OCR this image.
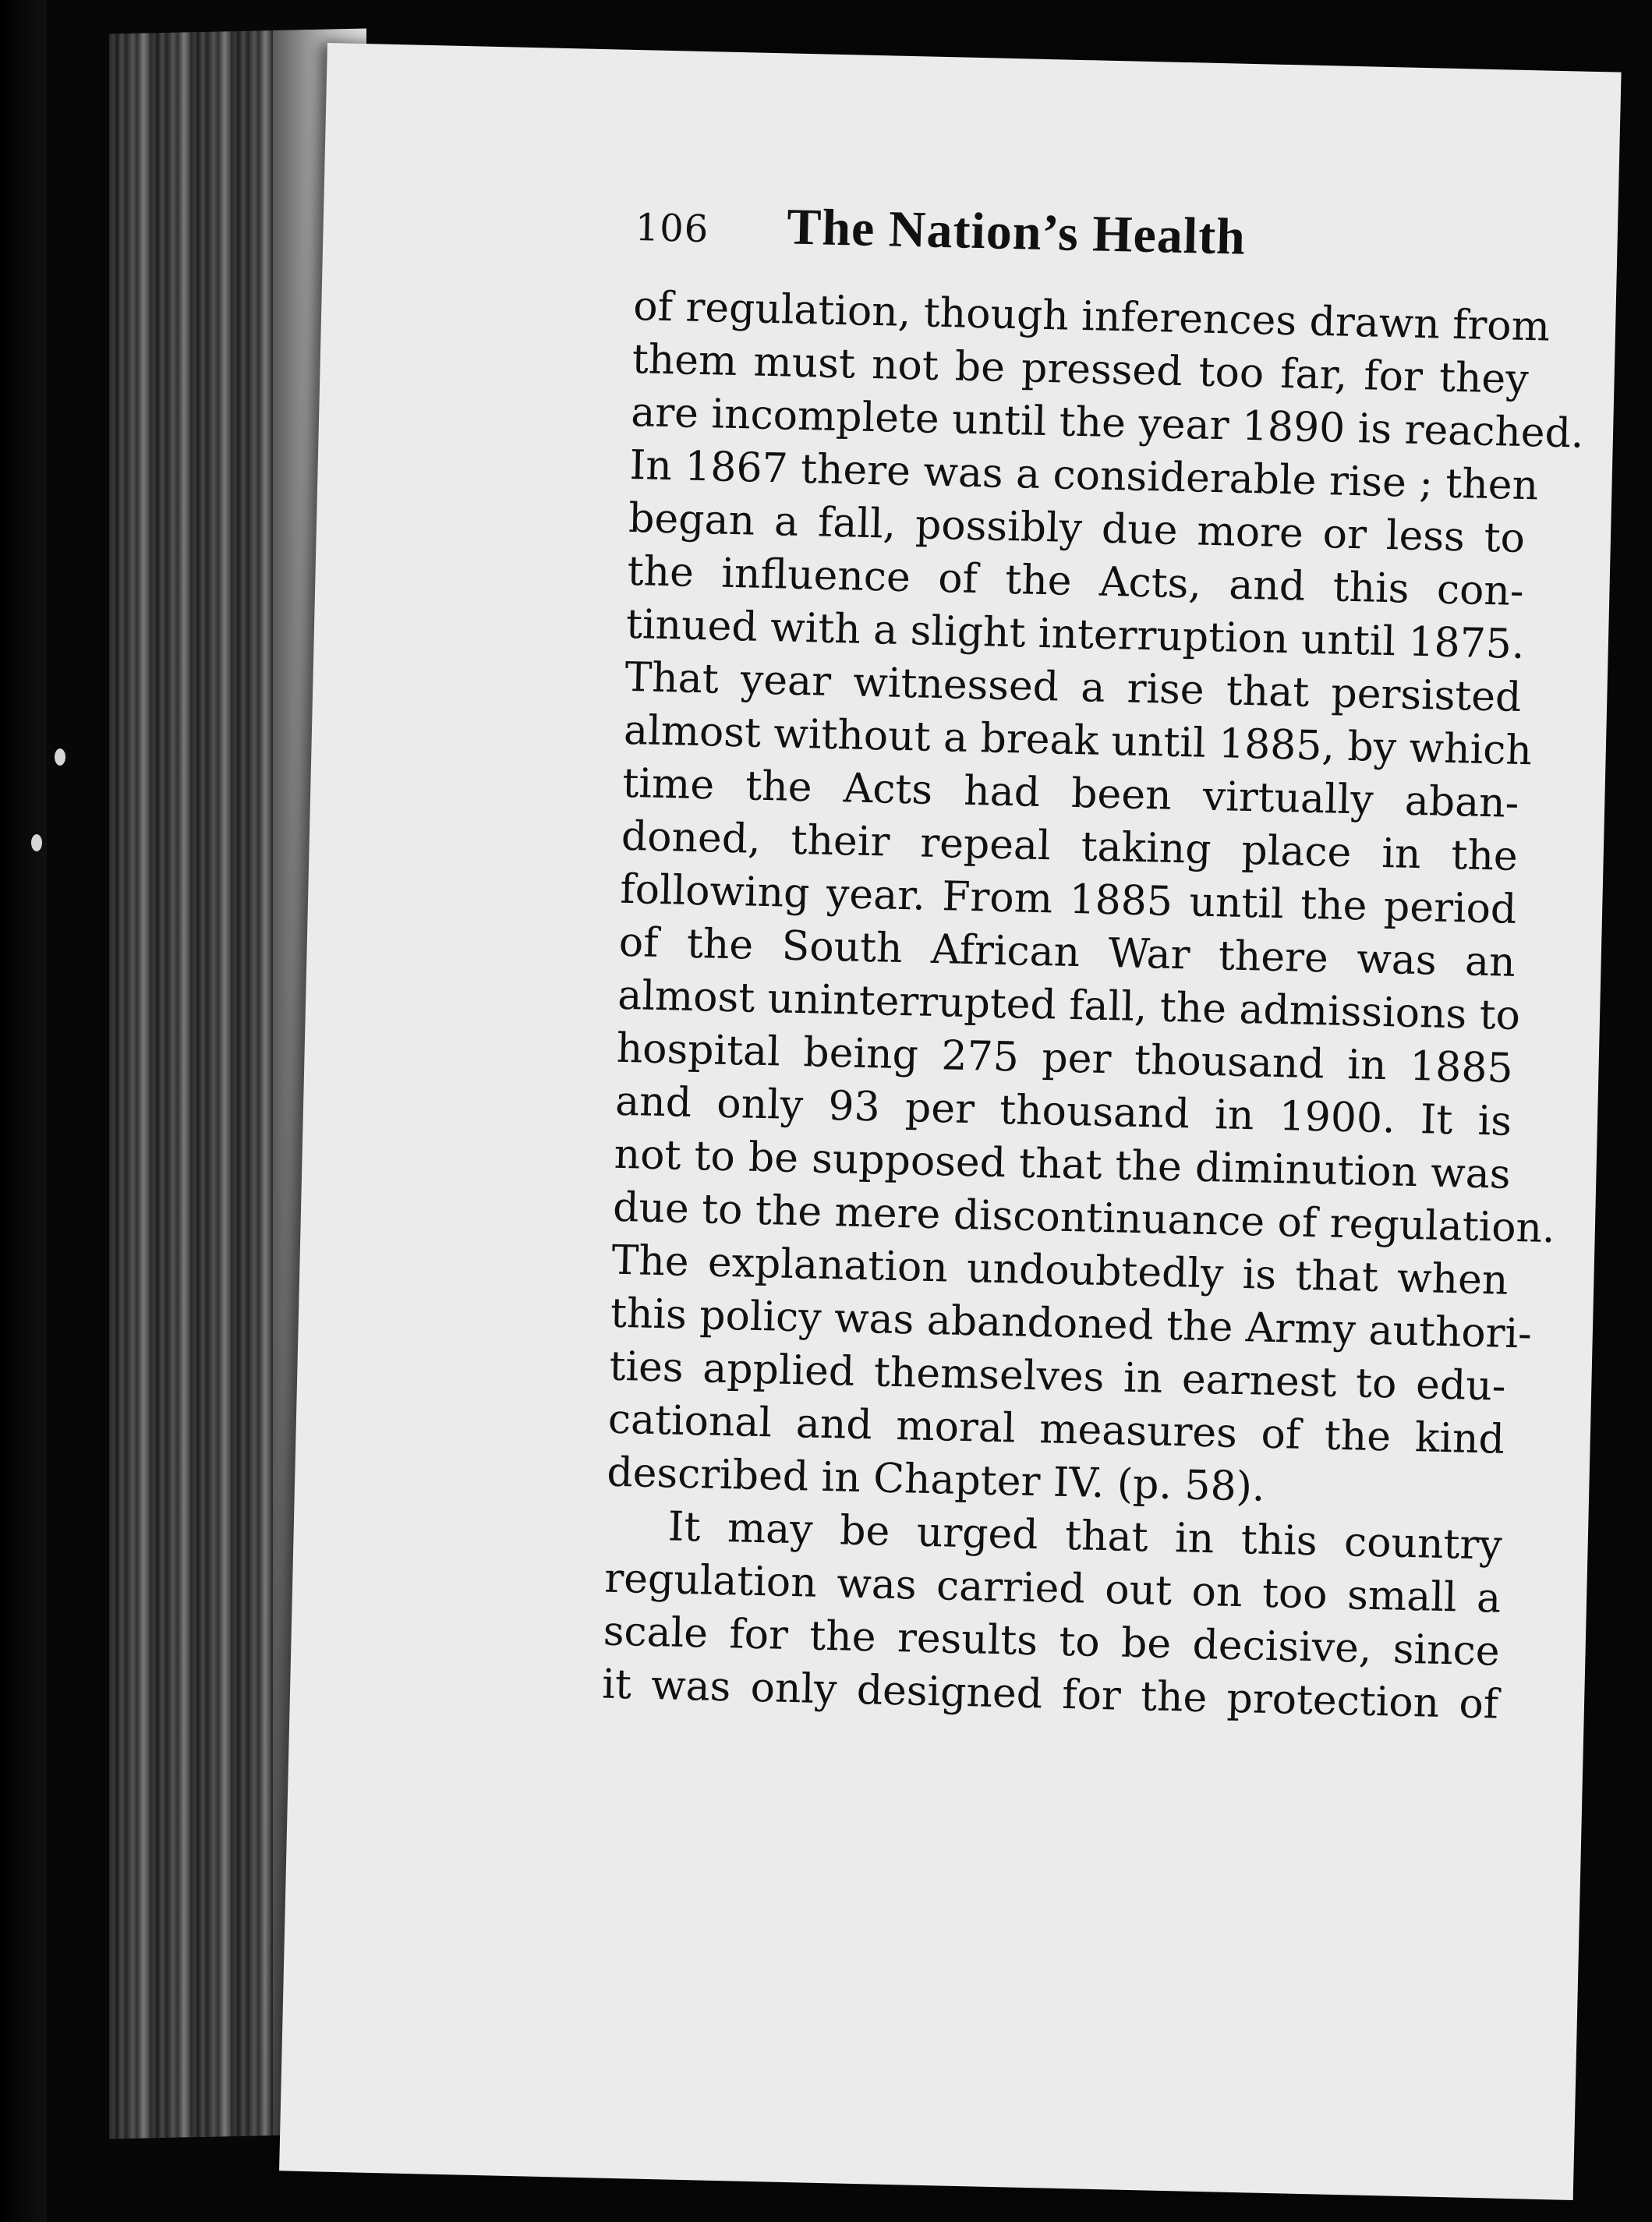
106 The Nation’s Health
of regulation, though inferences drawn from
them must not be pressed too far, for they
are incomplete until the year 1890 is reached.
In 1867 there was a considerable rise ; then
began a fall, possibly due more or less to
the influence of the Acts, and this con-
tinued with a slight interruption until 1875.
That year witnessed a rise that persisted
almost without a break until 1885, by which
time the Acts had been virtually aban-
doned, their repeal taking place in the
following year. From 1885 until the period
of the South African War there was an
almost uninterrupted fall, the admissions to
hospital being 275 per thousand in 1885
and only 93 per thousand in 1900. It is
not to be supposed that the diminution was
due to the mere discontinuance of regulation.
The explanation undoubtedly is that when
this policy was abandoned the Army authori-
ties applied themselves in earnest to edu-
cational and moral measures of the kind
described in Chapter IV. (p. 58).
It may be urged that in this country
regulation was carried out on too small a
scale for the results to be decisive, since
it was only designed for the protection of
